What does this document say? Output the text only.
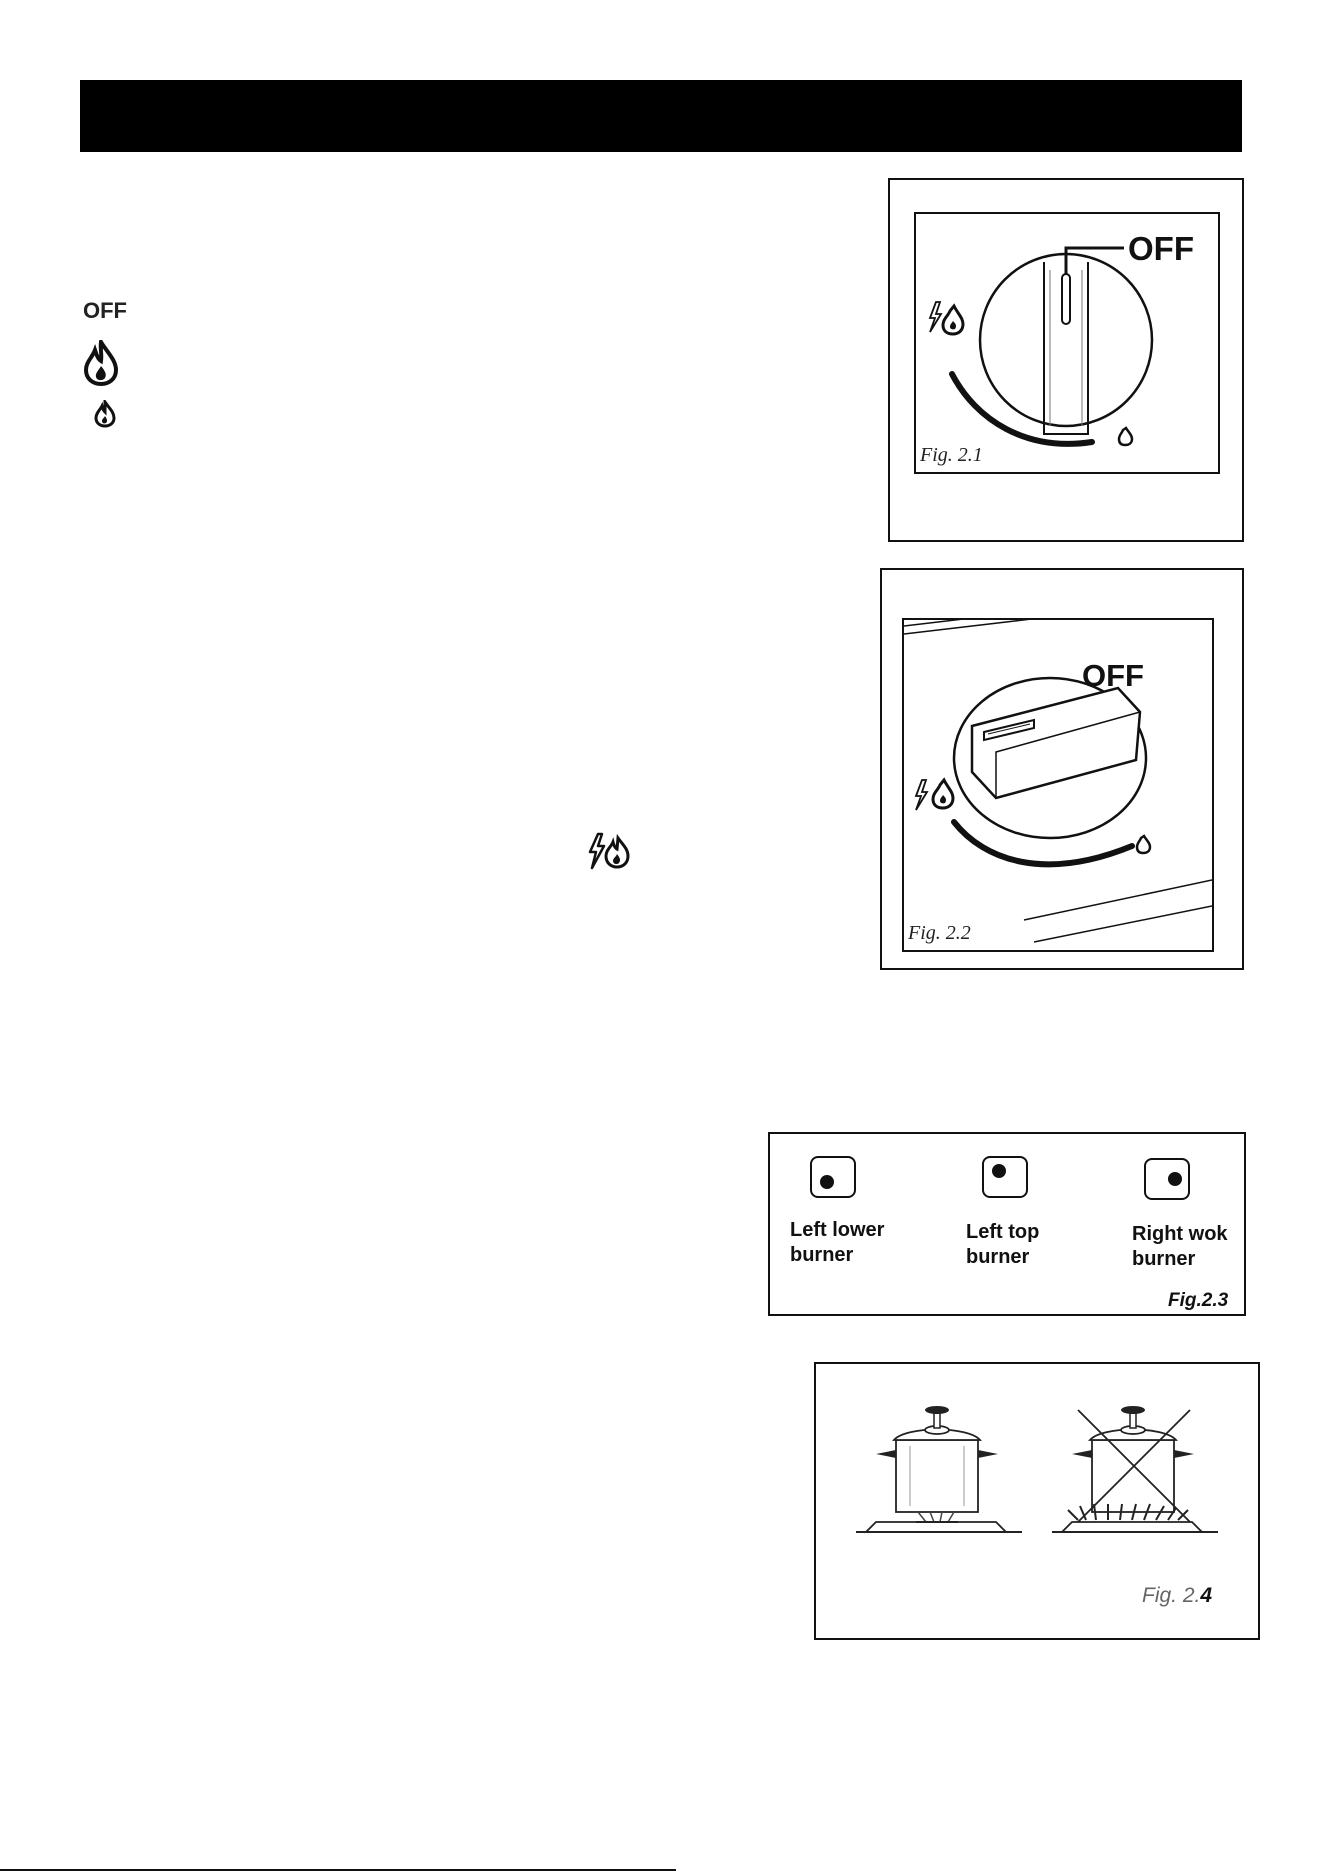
OFF
OFF
Fig. 2.1
OFF
Fig. 2.2
Left lower
burner
Left top
burner
Right wok
burner
Fig.2.3
Fig. 2.4
